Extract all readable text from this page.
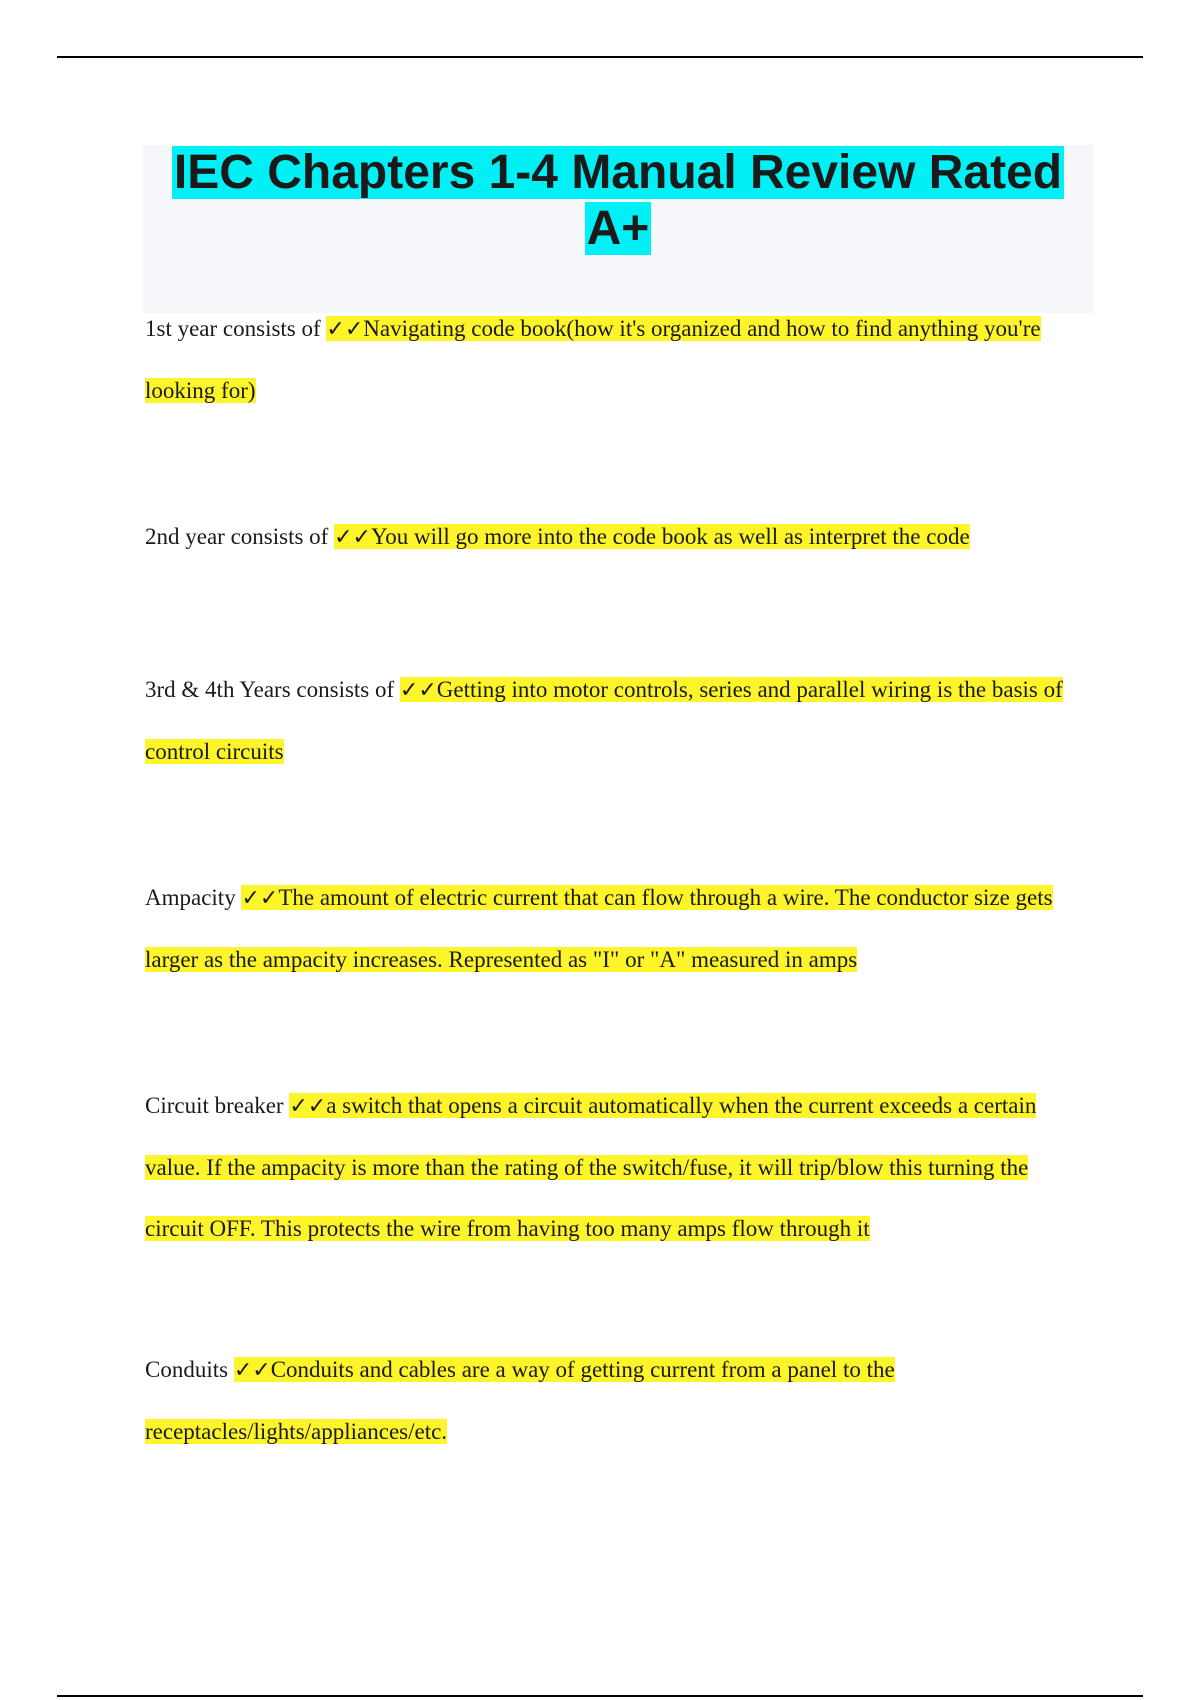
IEC Chapters 1-4 Manual Review Rated
A+

1st year consists of ✓✓Navigating code book(how it's organized and how to find anything you're looking for)

2nd year consists of ✓✓You will go more into the code book as well as interpret the code

3rd & 4th Years consists of ✓✓Getting into motor controls, series and parallel wiring is the basis of control circuits

Ampacity ✓✓The amount of electric current that can flow through a wire. The conductor size gets larger as the ampacity increases. Represented as "I" or "A" measured in amps

Circuit breaker ✓✓a switch that opens a circuit automatically when the current exceeds a certain value. If the ampacity is more than the rating of the switch/fuse, it will trip/blow this turning the circuit OFF. This protects the wire from having too many amps flow through it

Conduits ✓✓Conduits and cables are a way of getting current from a panel to the receptacles/lights/appliances/etc.
